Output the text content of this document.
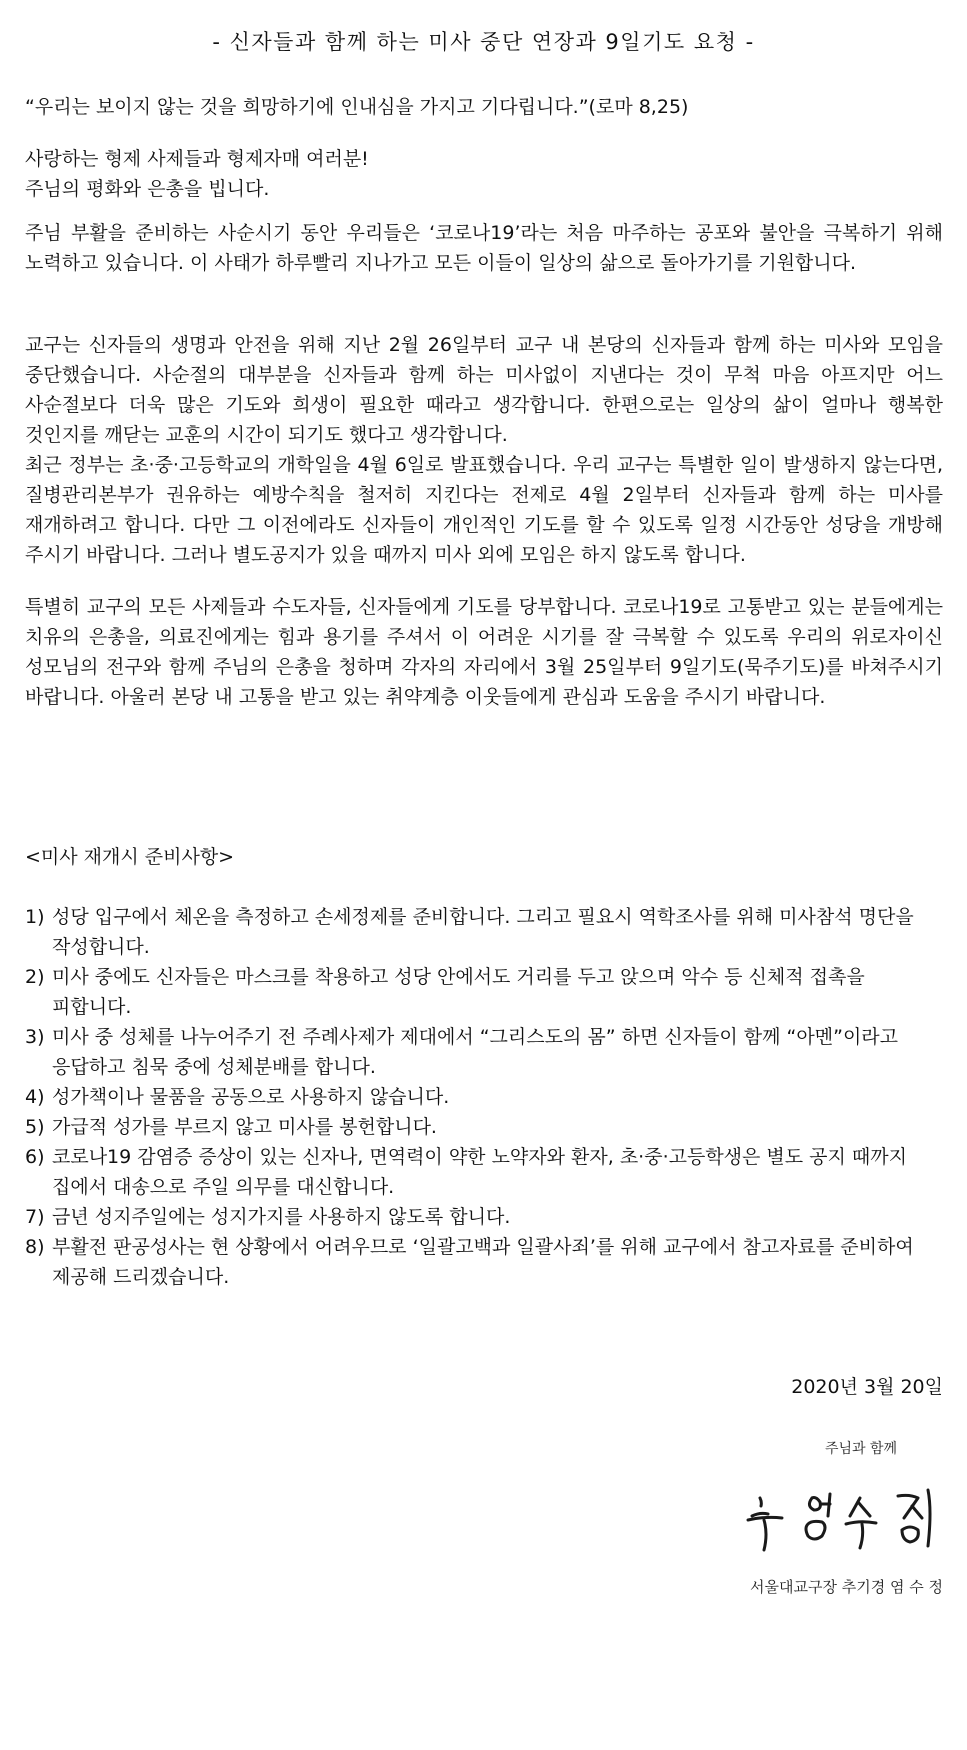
- 신자들과 함께 하는 미사 중단 연장과 9일기도 요청 -
“우리는 보이지 않는 것을 희망하기에 인내심을 가지고 기다립니다.”(로마 8,25)
사랑하는 형제 사제들과 형제자매 여러분!
주님의 평화와 은총을 빕니다.

주님 부활을 준비하는 사순시기 동안 우리들은 ‘코로나19’라는 처음 마주하는 공포와 불안을 극복하기 위해 노력하고 있습니다. 이 사태가 하루빨리 지나가고 모든 이들이 일상의 삶으로 돌아가기를 기원합니다.

교구는 신자들의 생명과 안전을 위해 지난 2월 26일부터 교구 내 본당의 신자들과 함께 하는 미사와 모임을 중단했습니다. 사순절의 대부분을 신자들과 함께 하는 미사없이 지낸다는 것이 무척 마음 아프지만 어느 사순절보다 더욱 많은 기도와 희생이 필요한 때라고 생각합니다. 한편으로는 일상의 삶이 얼마나 행복한 것인지를 깨닫는 교훈의 시간이 되기도 했다고 생각합니다.

최근 정부는 초·중·고등학교의 개학일을 4월 6일로 발표했습니다. 우리 교구는 특별한 일이 발생하지 않는다면, 질병관리본부가 권유하는 예방수칙을 철저히 지킨다는 전제로 4월 2일부터 신자들과 함께 하는 미사를 재개하려고 합니다. 다만 그 이전에라도 신자들이 개인적인 기도를 할 수 있도록 일정 시간동안 성당을 개방해 주시기 바랍니다. 그러나 별도공지가 있을 때까지 미사 외에 모임은 하지 않도록 합니다.

특별히 교구의 모든 사제들과 수도자들, 신자들에게 기도를 당부합니다. 코로나19로 고통받고 있는 분들에게는 치유의 은총을, 의료진에게는 힘과 용기를 주셔서 이 어려운 시기를 잘 극복할 수 있도록 우리의 위로자이신 성모님의 전구와 함께 주님의 은총을 청하며 각자의 자리에서 3월 25일부터 9일기도(묵주기도)를 바쳐주시기 바랍니다. 아울러 본당 내 고통을 받고 있는 취약계층 이웃들에게 관심과 도움을 주시기 바랍니다.

<미사 재개시 준비사항>
1) 성당 입구에서 체온을 측정하고 손세정제를 준비합니다. 그리고 필요시 역학조사를 위해 미사참석 명단을 작성합니다.
2) 미사 중에도 신자들은 마스크를 착용하고 성당 안에서도 거리를 두고 앉으며 악수 등 신체적 접촉을 피합니다.
3) 미사 중 성체를 나누어주기 전 주례사제가 제대에서 “그리스도의 몸” 하면 신자들이 함께 “아멘”이라고 응답하고 침묵 중에 성체분배를 합니다.
4) 성가책이나 물품을 공동으로 사용하지 않습니다.
5) 가급적 성가를 부르지 않고 미사를 봉헌합니다.
6) 코로나19 감염증 증상이 있는 신자나, 면역력이 약한 노약자와 환자, 초·중·고등학생은 별도 공지 때까지 집에서 대송으로 주일 의무를 대신합니다.
7) 금년 성지주일에는 성지가지를 사용하지 않도록 합니다.
8) 부활전 판공성사는 현 상황에서 어려우므로 ‘일괄고백과 일괄사죄’를 위해 교구에서 참고자료를 준비하여 제공해 드리겠습니다.
2020년 3월 20일
주님과 함께
서울대교구장 추기경 염 수 정
